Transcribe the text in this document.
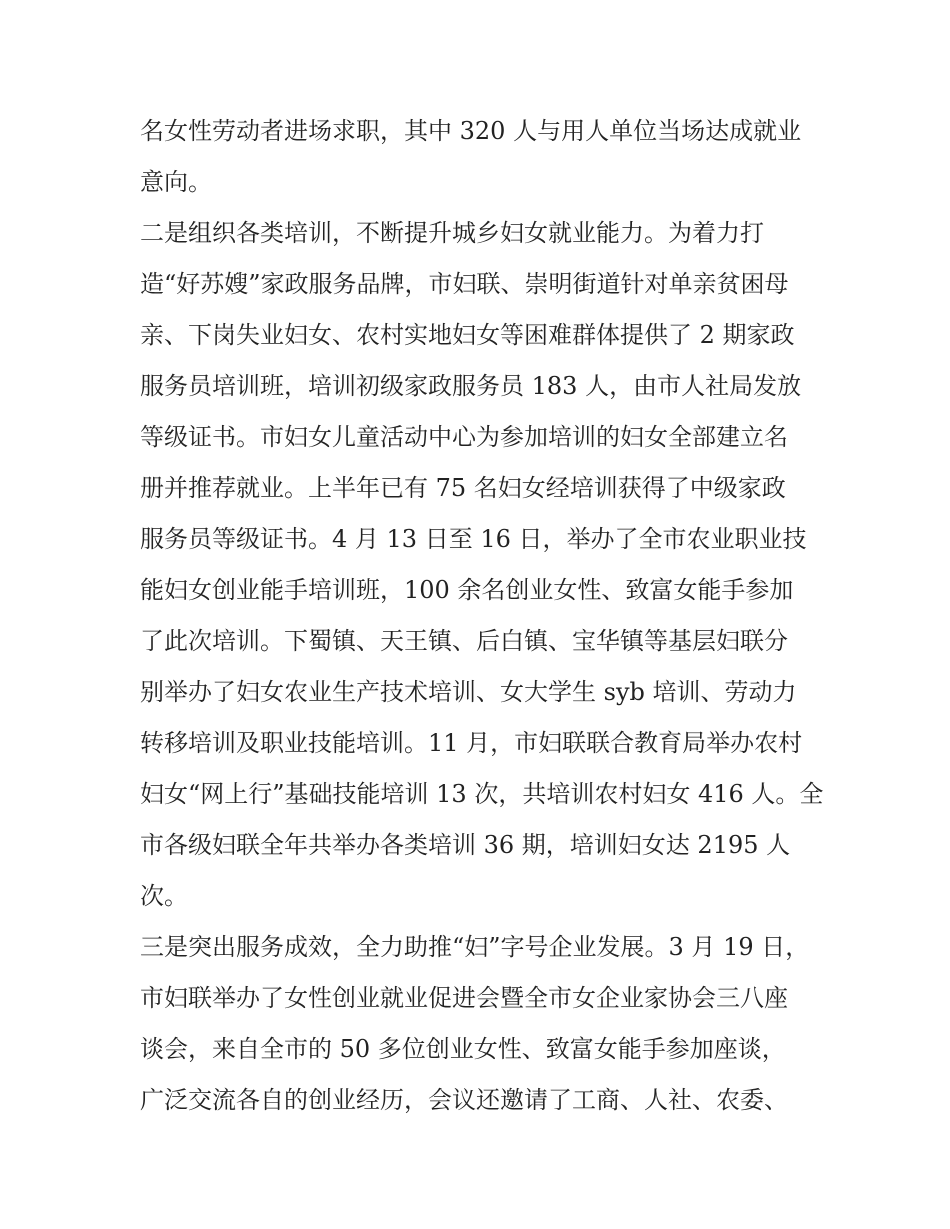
名女性劳动者进场求职，其中 320 人与用人单位当场达成就业
意向。
二是组织各类培训，不断提升城乡妇女就业能力。为着力打
造“好苏嫂”家政服务品牌，市妇联、崇明街道针对单亲贫困母
亲、下岗失业妇女、农村实地妇女等困难群体提供了 2 期家政
服务员培训班，培训初级家政服务员 183 人，由市人社局发放
等级证书。市妇女儿童活动中心为参加培训的妇女全部建立名
册并推荐就业。上半年已有 75 名妇女经培训获得了中级家政
服务员等级证书。4 月 13 日至 16 日，举办了全市农业职业技
能妇女创业能手培训班，100 余名创业女性、致富女能手参加
了此次培训。下蜀镇、天王镇、后白镇、宝华镇等基层妇联分
别举办了妇女农业生产技术培训、女大学生 syb 培训、劳动力
转移培训及职业技能培训。11 月，市妇联联合教育局举办农村
妇女“网上行”基础技能培训 13 次，共培训农村妇女 416 人。全
市各级妇联全年共举办各类培训 36 期，培训妇女达 2195 人
次。
三是突出服务成效，全力助推“妇”字号企业发展。3 月 19 日，
市妇联举办了女性创业就业促进会暨全市女企业家协会三八座
谈会，来自全市的 50 多位创业女性、致富女能手参加座谈，
广泛交流各自的创业经历，会议还邀请了工商、人社、农委、
